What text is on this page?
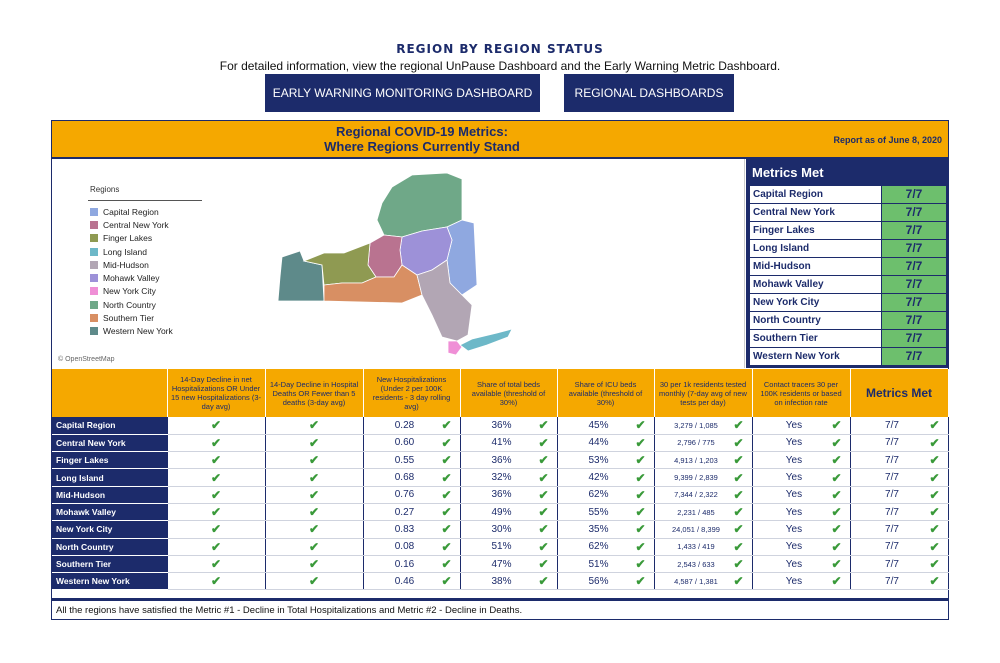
REGION BY REGION STATUS
For detailed information, view the regional UnPause Dashboard and the Early Warning Metric Dashboard.
EARLY WARNING MONITORING DASHBOARD	REGIONAL DASHBOARDS
Regional COVID-19 Metrics:
Where Regions Currently Stand	Report as of June 8, 2020
Regions
Capital Region
Central New York
Finger Lakes
Long Island
Mid-Hudson
Mohawk Valley
New York City
North Country
Southern Tier
Western New York
© OpenStreetMap
Metrics Met
Capital Region	7/7
Central New York	7/7
Finger Lakes	7/7
Long Island	7/7
Mid-Hudson	7/7
Mohawk Valley	7/7
New York City	7/7
North Country	7/7
Southern Tier	7/7
Western New York	7/7
	14-Day Decline in net Hospitalizations OR Under 15 new Hospitalizations (3-day avg)	14-Day Decline in Hospital Deaths OR Fewer than 5 deaths (3-day avg)	New Hospitalizations (Under 2 per 100K residents - 3 day rolling avg)	Share of total beds available (threshold of 30%)	Share of ICU beds available (threshold of 30%)	30 per 1k residents tested monthly (7-day avg of new tests per day)	Contact tracers 30 per 100K residents or based on infection rate	Metrics Met
Capital Region	✔	✔	0.28 ✔	36% ✔	45% ✔	3,279 / 1,085 ✔	Yes ✔	7/7 ✔

Central New York	✔	✔	0.60 ✔	41% ✔	44% ✔	2,796 / 775 ✔	Yes ✔	7/7 ✔

Finger Lakes	✔	✔	0.55 ✔	36% ✔	53% ✔	4,913 / 1,203 ✔	Yes ✔	7/7 ✔

Long Island	✔	✔	0.68 ✔	32% ✔	42% ✔	9,399 / 2,839 ✔	Yes ✔	7/7 ✔

Mid-Hudson	✔	✔	0.76 ✔	36% ✔	62% ✔	7,344 / 2,322 ✔	Yes ✔	7/7 ✔

Mohawk Valley	✔	✔	0.27 ✔	49% ✔	55% ✔	2,231 / 485 ✔	Yes ✔	7/7 ✔

New York City	✔	✔	0.83 ✔	30% ✔	35% ✔	24,051 / 8,399 ✔	Yes ✔	7/7 ✔

North Country	✔	✔	0.08 ✔	51% ✔	62% ✔	1,433 / 419 ✔	Yes ✔	7/7 ✔

Southern Tier	✔	✔	0.16 ✔	47% ✔	51% ✔	2,543 / 633 ✔	Yes ✔	7/7 ✔

Western New York	✔	✔	0.46 ✔	38% ✔	56% ✔	4,587 / 1,381 ✔	Yes ✔	7/7 ✔
All the regions have satisfied the Metric #1 - Decline in Total Hospitalizations and Metric #2 - Decline in Deaths.
